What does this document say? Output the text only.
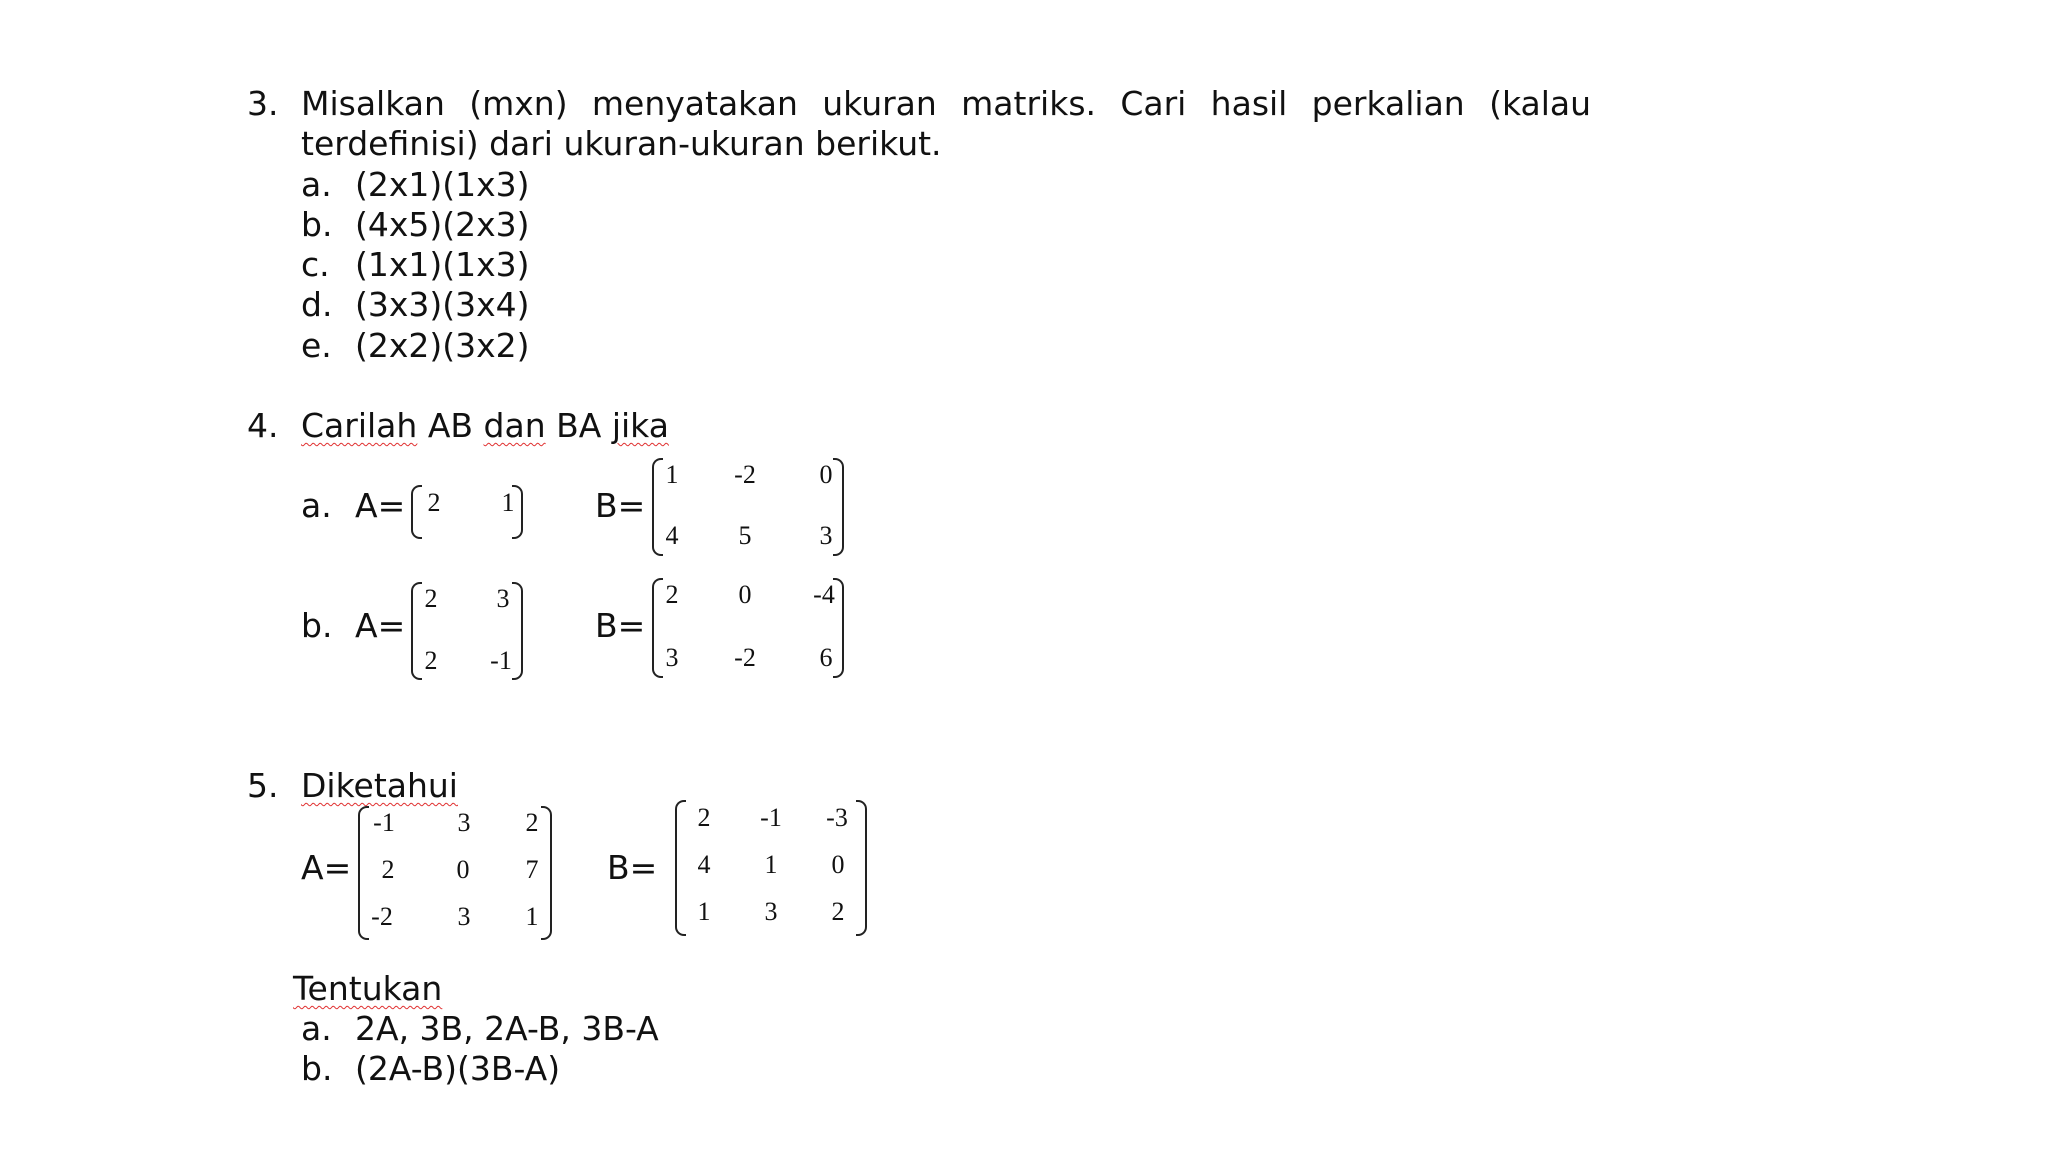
3. Misalkan (mxn) menyatakan ukuran matriks. Cari hasil perkalian (kalau
terdefinisi) dari ukuran-ukuran berikut.
a. (2x1)(1x3)
b. (4x5)(2x3)
c. (1x1)(1x3)
d. (3x3)(3x4)
e. (2x2)(3x2)
4. Carilah AB dan BA jika
a. A= 2	1	B=
1	-2	0
4	5	3
b. A=
2	3
2	-1
B=
2	0	-4
3	-2	6
5. Diketahui
A=
-1	3	2
2	0	7
-2	3	1
B=
2	-1	-3
4	1	0
1	3	2
Tentukan
a. 2A, 3B, 2A-B, 3B-A
b. (2A-B)(3B-A)
